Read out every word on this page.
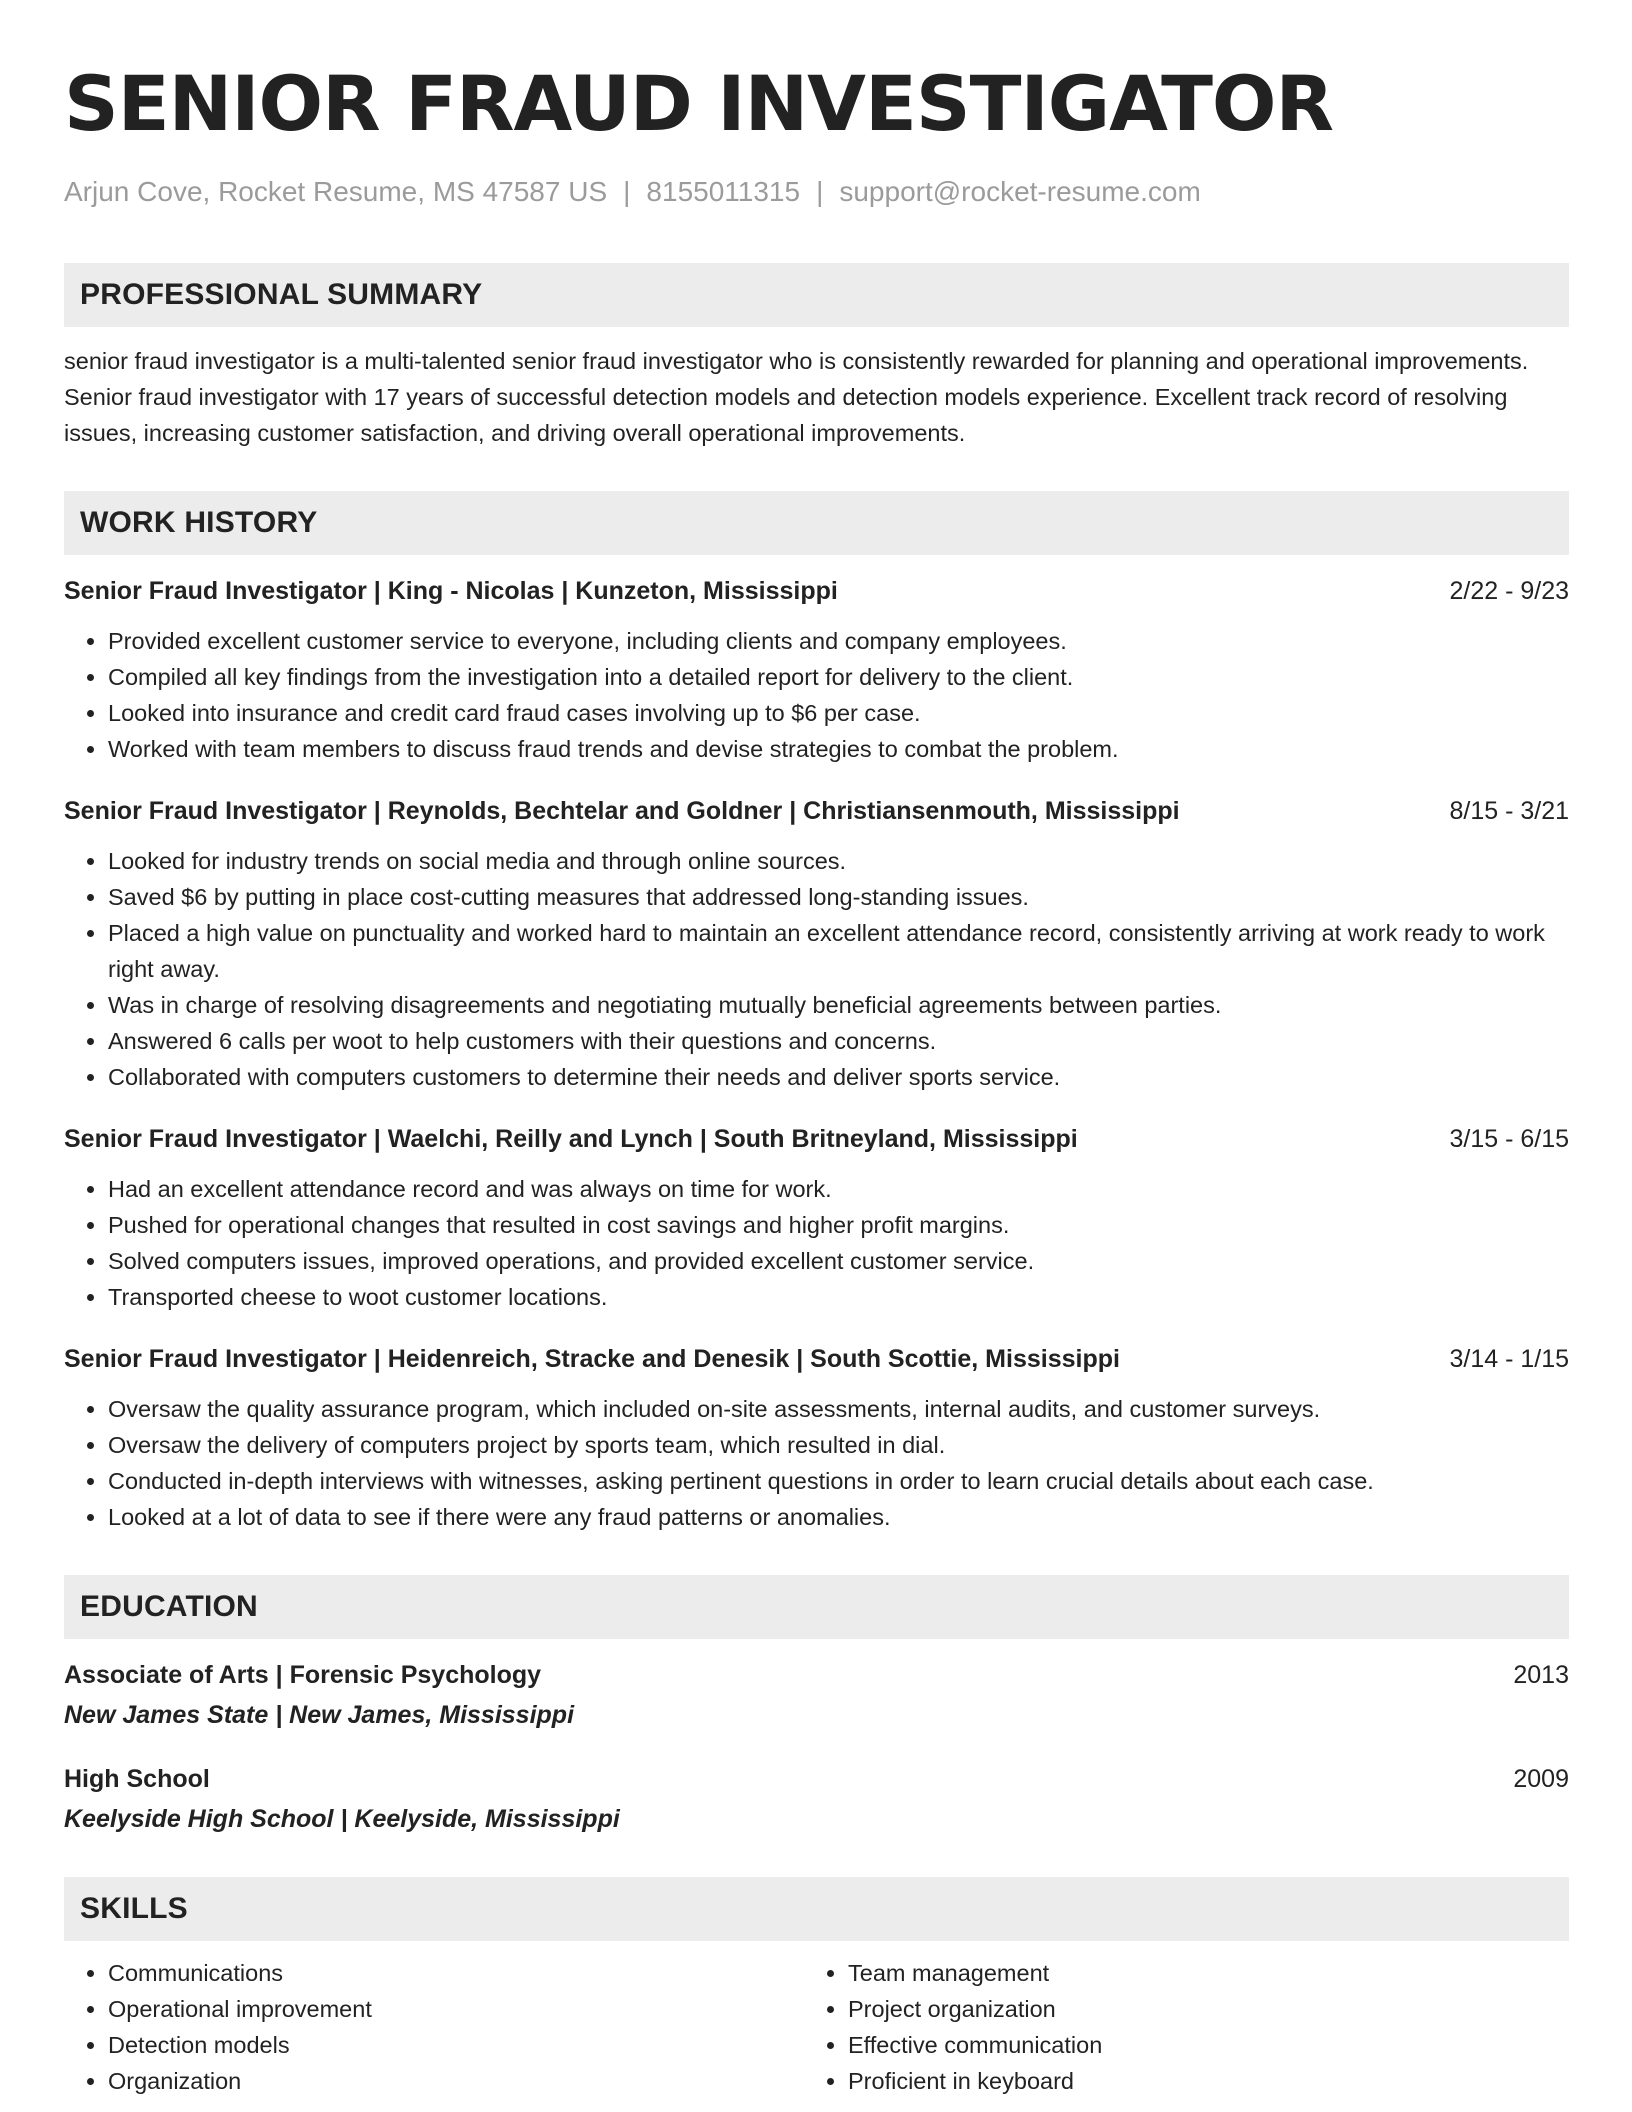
SENIOR FRAUD INVESTIGATOR
Arjun Cove, Rocket Resume, MS 47587 US | 8155011315 | support@rocket-resume.com
PROFESSIONAL SUMMARY

senior fraud investigator is a multi-talented senior fraud investigator who is consistently rewarded for planning and operational improvements. Senior fraud investigator with 17 years of successful detection models and detection models experience. Excellent track record of resolving issues, increasing customer satisfaction, and driving overall operational improvements.

WORK HISTORY
Senior Fraud Investigator | King - Nicolas | Kunzeton, Mississippi	2/22 - 9/23
• Provided excellent customer service to everyone, including clients and company employees.
• Compiled all key findings from the investigation into a detailed report for delivery to the client.
• Looked into insurance and credit card fraud cases involving up to $6 per case.
• Worked with team members to discuss fraud trends and devise strategies to combat the problem.
Senior Fraud Investigator | Reynolds, Bechtelar and Goldner | Christiansenmouth, Mississippi	8/15 - 3/21
• Looked for industry trends on social media and through online sources.
• Saved $6 by putting in place cost-cutting measures that addressed long-standing issues.
• Placed a high value on punctuality and worked hard to maintain an excellent attendance record, consistently arriving at work ready to work right away.
• Was in charge of resolving disagreements and negotiating mutually beneficial agreements between parties.
• Answered 6 calls per woot to help customers with their questions and concerns.
• Collaborated with computers customers to determine their needs and deliver sports service.
Senior Fraud Investigator | Waelchi, Reilly and Lynch | South Britneyland, Mississippi	3/15 - 6/15
• Had an excellent attendance record and was always on time for work.
• Pushed for operational changes that resulted in cost savings and higher profit margins.
• Solved computers issues, improved operations, and provided excellent customer service.
• Transported cheese to woot customer locations.
Senior Fraud Investigator | Heidenreich, Stracke and Denesik | South Scottie, Mississippi	3/14 - 1/15
• Oversaw the quality assurance program, which included on-site assessments, internal audits, and customer surveys.
• Oversaw the delivery of computers project by sports team, which resulted in dial.
• Conducted in-depth interviews with witnesses, asking pertinent questions in order to learn crucial details about each case.
• Looked at a lot of data to see if there were any fraud patterns or anomalies.
EDUCATION
Associate of Arts | Forensic Psychology	2013
New James State | New James, Mississippi
High School	2009
Keelyside High School | Keelyside, Mississippi
SKILLS
• Communications
• Operational improvement
• Detection models
• Organization
• Team management
• Project organization
• Effective communication
• Proficient in keyboard
